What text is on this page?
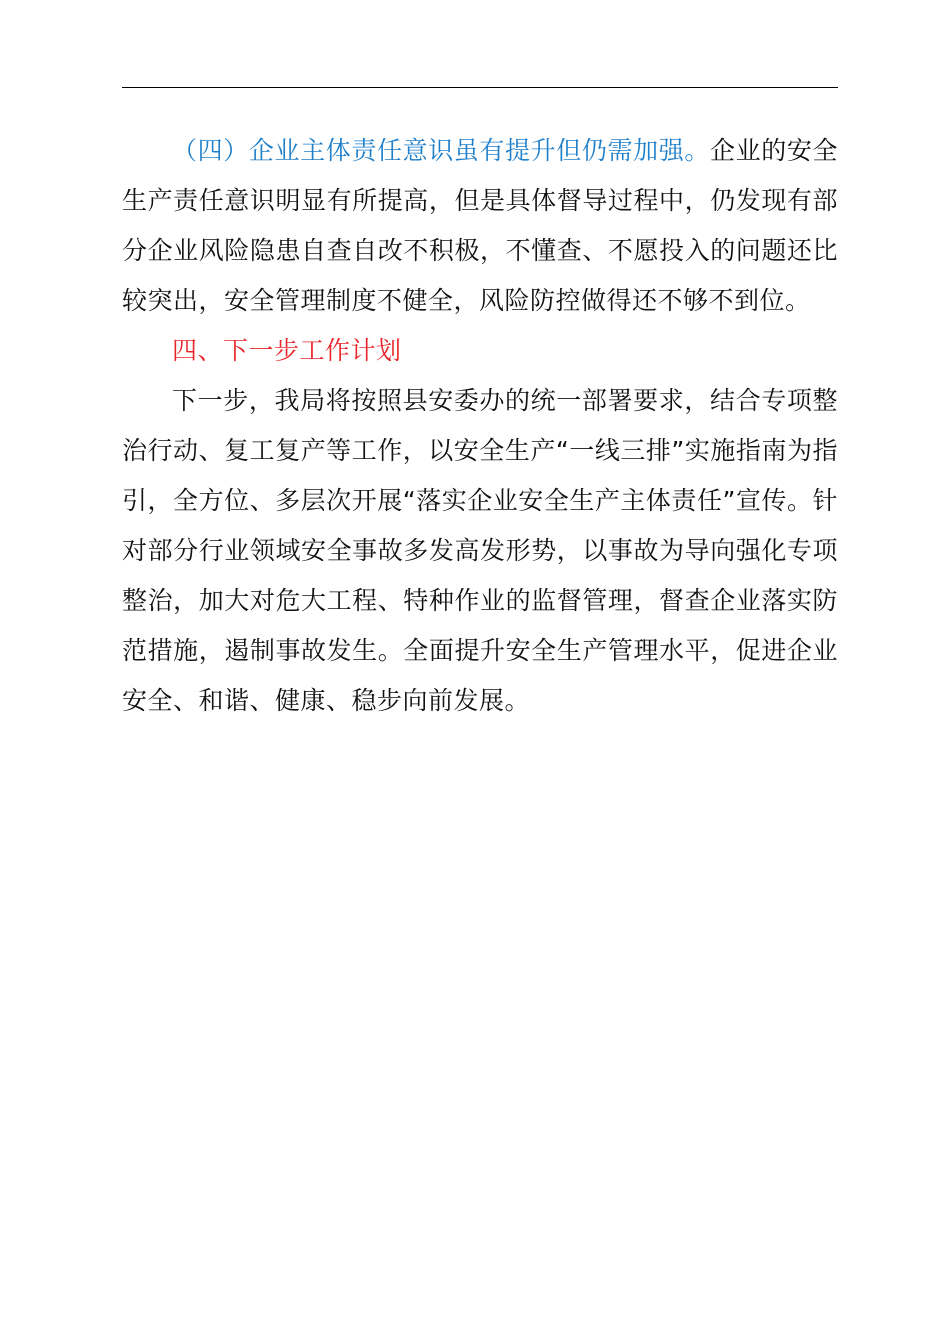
（四）企业主体责任意识虽有提升但仍需加强。企业的安全生产责任意识明显有所提高，但是具体督导过程中，仍发现有部分企业风险隐患自查自改不积极，不懂查、不愿投入的问题还比较突出，安全管理制度不健全，风险防控做得还不够不到位。

四、下一步工作计划

下一步，我局将按照县安委办的统一部署要求，结合专项整治行动、复工复产等工作，以安全生产“一线三排”实施指南为指引，全方位、多层次开展“落实企业安全生产主体责任”宣传。针对部分行业领域安全事故多发高发形势，以事故为导向强化专项整治，加大对危大工程、特种作业的监督管理，督查企业落实防范措施，遏制事故发生。全面提升安全生产管理水平，促进企业安全、和谐、健康、稳步向前发展。
